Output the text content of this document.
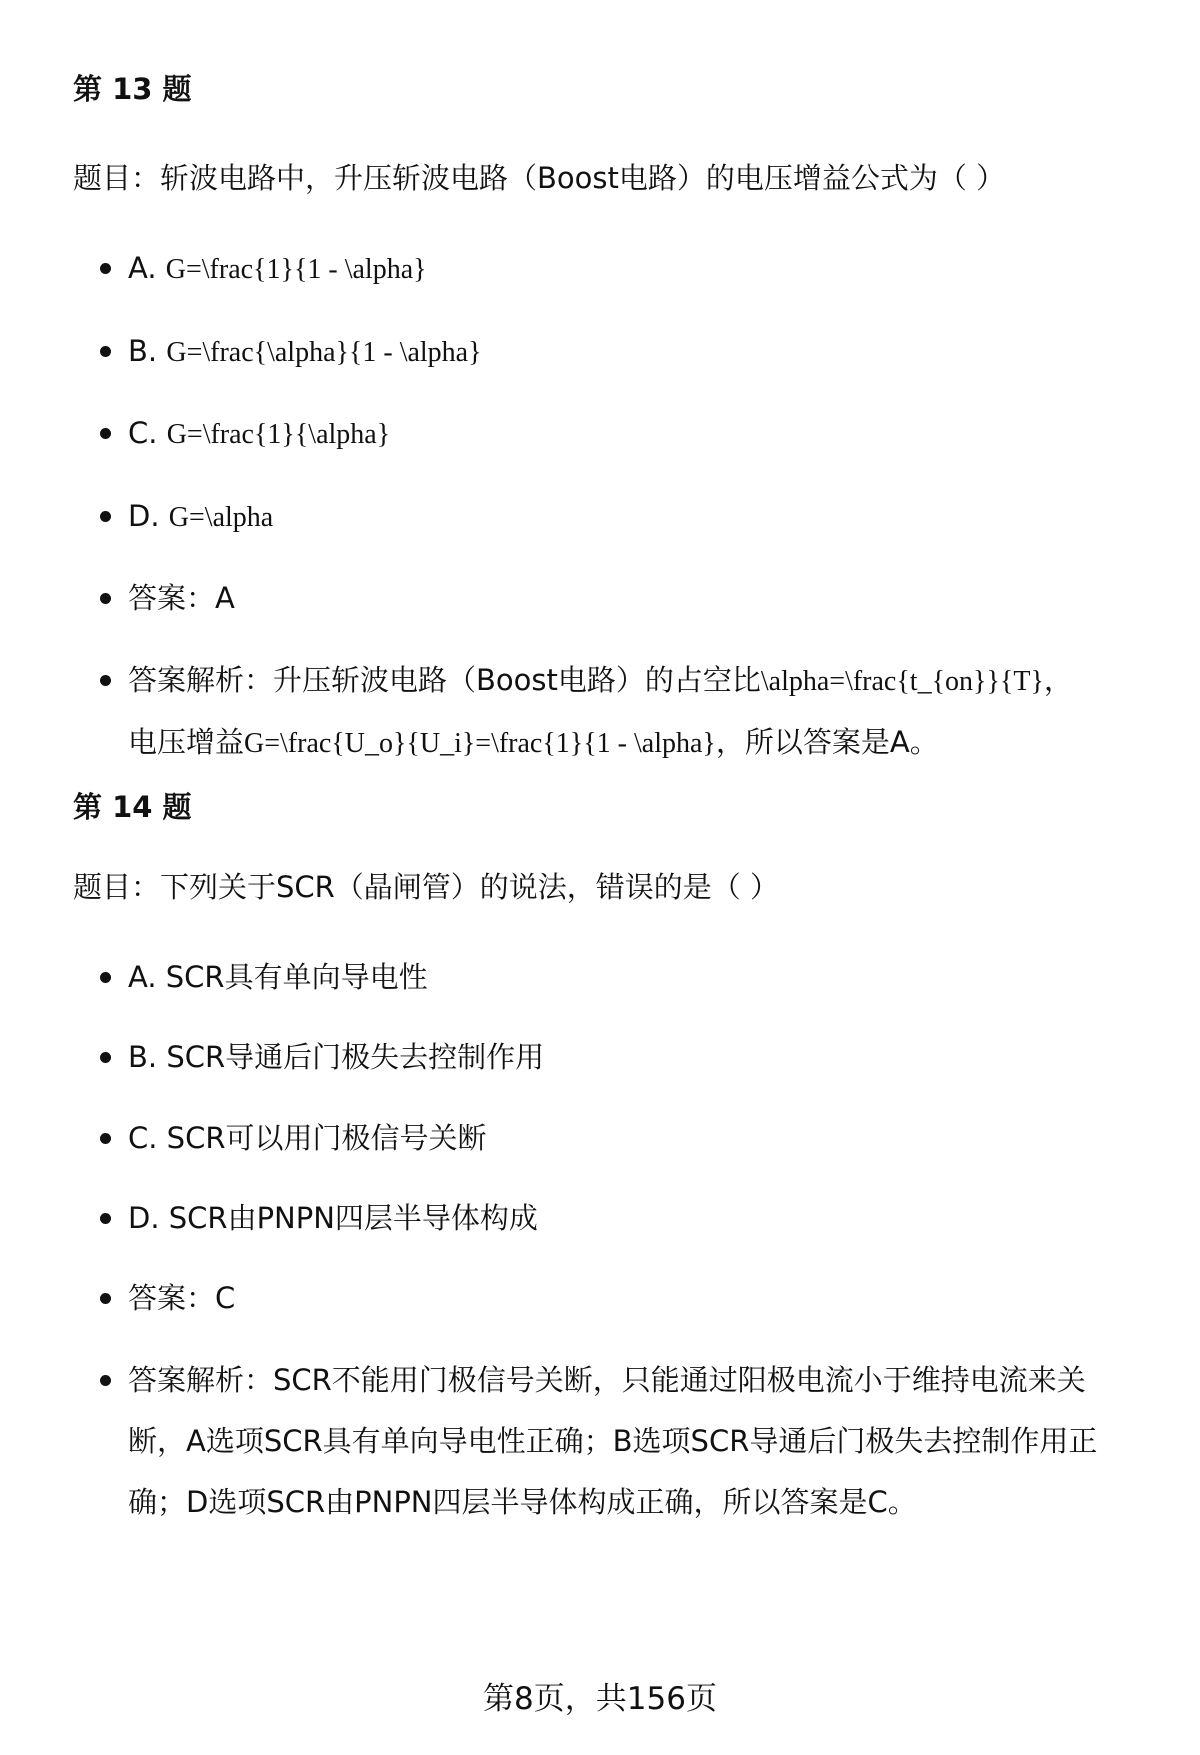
第 13 题

题目：斩波电路中，升压斩波电路（Boost电路）的电压增益公式为（ ）

A. G=\frac{1}{1 - \alpha}
B. G=\frac{\alpha}{1 - \alpha}
C. G=\frac{1}{\alpha}
D. G=\alpha
答案：A
答案解析：升压斩波电路（Boost电路）的占空比\alpha=\frac{t_{on}}{T}，
电压增益G=\frac{U_o}{U_i}=\frac{1}{1 - \alpha}，所以答案是A。
第 14 题

题目：下列关于SCR（晶闸管）的说法，错误的是（ ）

A. SCR具有单向导电性
B. SCR导通后门极失去控制作用
C. SCR可以用门极信号关断
D. SCR由PNPN四层半导体构成
答案：C
答案解析：SCR不能用门极信号关断，只能通过阳极电流小于维持电流来关
断，A选项SCR具有单向导电性正确；B选项SCR导通后门极失去控制作用正
确；D选项SCR由PNPN四层半导体构成正确，所以答案是C。
第8页，共156页
